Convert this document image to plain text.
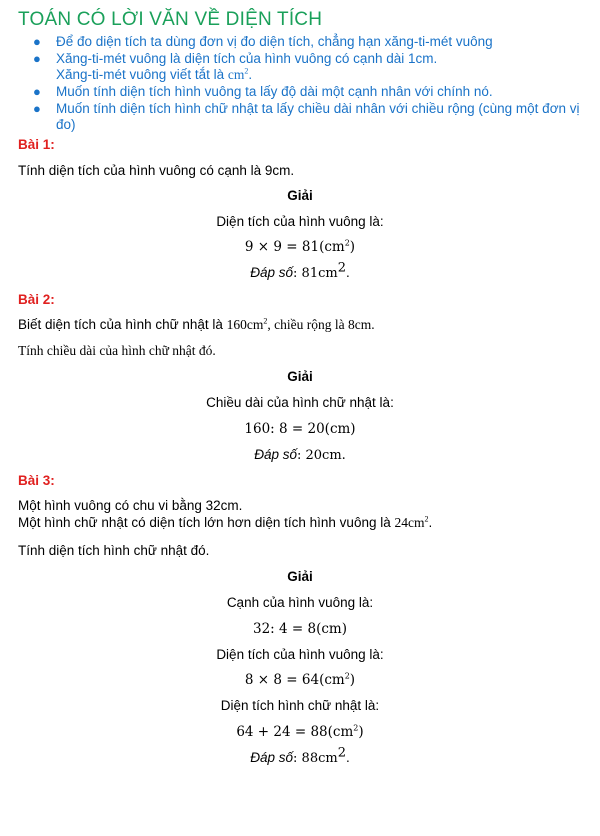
TOÁN CÓ LỜI VĂN VỀ DIỆN TÍCH
● Để đo diện tích ta dùng đơn vị đo diện tích, chẳng hạn xăng-ti-mét vuông
● Xăng-ti-mét vuông là diện tích của hình vuông có cạnh dài 1cm.
Xăng-ti-mét vuông viết tắt là $cm^2$.
● Muốn tính diện tích hình vuông ta lấy độ dài một cạnh nhân với chính nó.
● Muốn tính diện tích hình chữ nhật ta lấy chiều dài nhân với chiều rộng (cùng một đơn vị đo)
Bài 1:
Tính diện tích của hình vuông có cạnh là 9cm.
Giải
Diện tích của hình vuông là:
$9 \times 9 = 81(cm^2)$
Đáp số: $81cm^2$.
Bài 2:
Biết diện tích của hình chữ nhật là $160cm^2$, chiều rộng là 8cm.
Tính chiều dài của hình chữ nhật đó.
Giải
Chiều dài của hình chữ nhật là:
160: 8 = 20(cm)
Đáp số: 20cm.
Bài 3:
Một hình vuông có chu vi bằng 32cm.
Một hình chữ nhật có diện tích lớn hơn diện tích hình vuông là $24cm^2$.
Tính diện tích hình chữ nhật đó.
Giải
Cạnh của hình vuông là:
32: 4 = 8(cm)
Diện tích của hình vuông là:
$8 \times 8 = 64(cm^2)$
Diện tích hình chữ nhật là:
$64 + 24 = 88(cm^2)$
Đáp số: $88cm^2$.
